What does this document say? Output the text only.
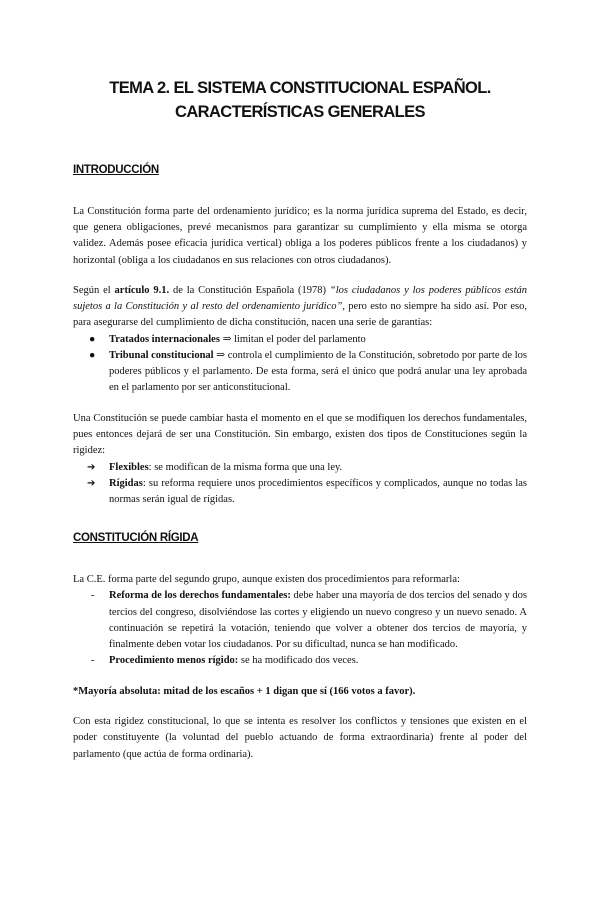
TEMA 2. EL SISTEMA CONSTITUCIONAL ESPAÑOL.
CARACTERÍSTICAS GENERALES
INTRODUCCIÓN

La Constitución forma parte del ordenamiento jurídico; es la norma jurídica suprema del Estado, es decir, que genera obligaciones, prevé mecanismos para garantizar su cumplimiento y ella misma se otorga validez. Además posee eficacia jurídica vertical) obliga a los poderes públicos frente a los ciudadanos) y horizontal (obliga a los ciudadanos en sus relaciones con otros ciudadanos).

Según el artículo 9.1. de la Constitución Española (1978) “los ciudadanos y los poderes públicos están sujetos a la Constitución y al resto del ordenamiento jurídico”, pero esto no siempre ha sido así. Por eso, para asegurarse del cumplimiento de dicha constitución, nacen una serie de garantías:

● Tratados internacionales ⇒ limitan el poder del parlamento
● Tribunal constitucional ⇒ controla el cumplimiento de la Constitución, sobretodo por parte de los poderes públicos y el parlamento. De esta forma, será el único que podrá anular una ley aprobada en el parlamento por ser anticonstitucional.

Una Constitución se puede cambiar hasta el momento en el que se modifiquen los derechos fundamentales, pues entonces dejará de ser una Constitución. Sin embargo, existen dos tipos de Constituciones según la rigidez:

➔ Flexibles: se modifican de la misma forma que una ley.
➔ Rígidas: su reforma requiere unos procedimientos específicos y complicados, aunque no todas las normas serán igual de rígidas.
CONSTITUCIÓN RÍGIDA

La C.E. forma parte del segundo grupo, aunque existen dos procedimientos para reformarla:

- Reforma de los derechos fundamentales: debe haber una mayoría de dos tercios del senado y dos tercios del congreso, disolviéndose las cortes y eligiendo un nuevo congreso y un nuevo senado. A continuación se repetirá la votación, teniendo que volver a obtener dos tercios de mayoría, y finalmente deben votar los ciudadanos. Por su dificultad, nunca se han modificado.
- Procedimiento menos rígido: se ha modificado dos veces.

*Mayoría absoluta: mitad de los escaños + 1 digan que sí (166 votos a favor).

Con esta rigidez constitucional, lo que se intenta es resolver los conflictos y tensiones que existen en el poder constituyente (la voluntad del pueblo actuando de forma extraordinaria) frente al poder del parlamento (que actúa de forma ordinaria).
